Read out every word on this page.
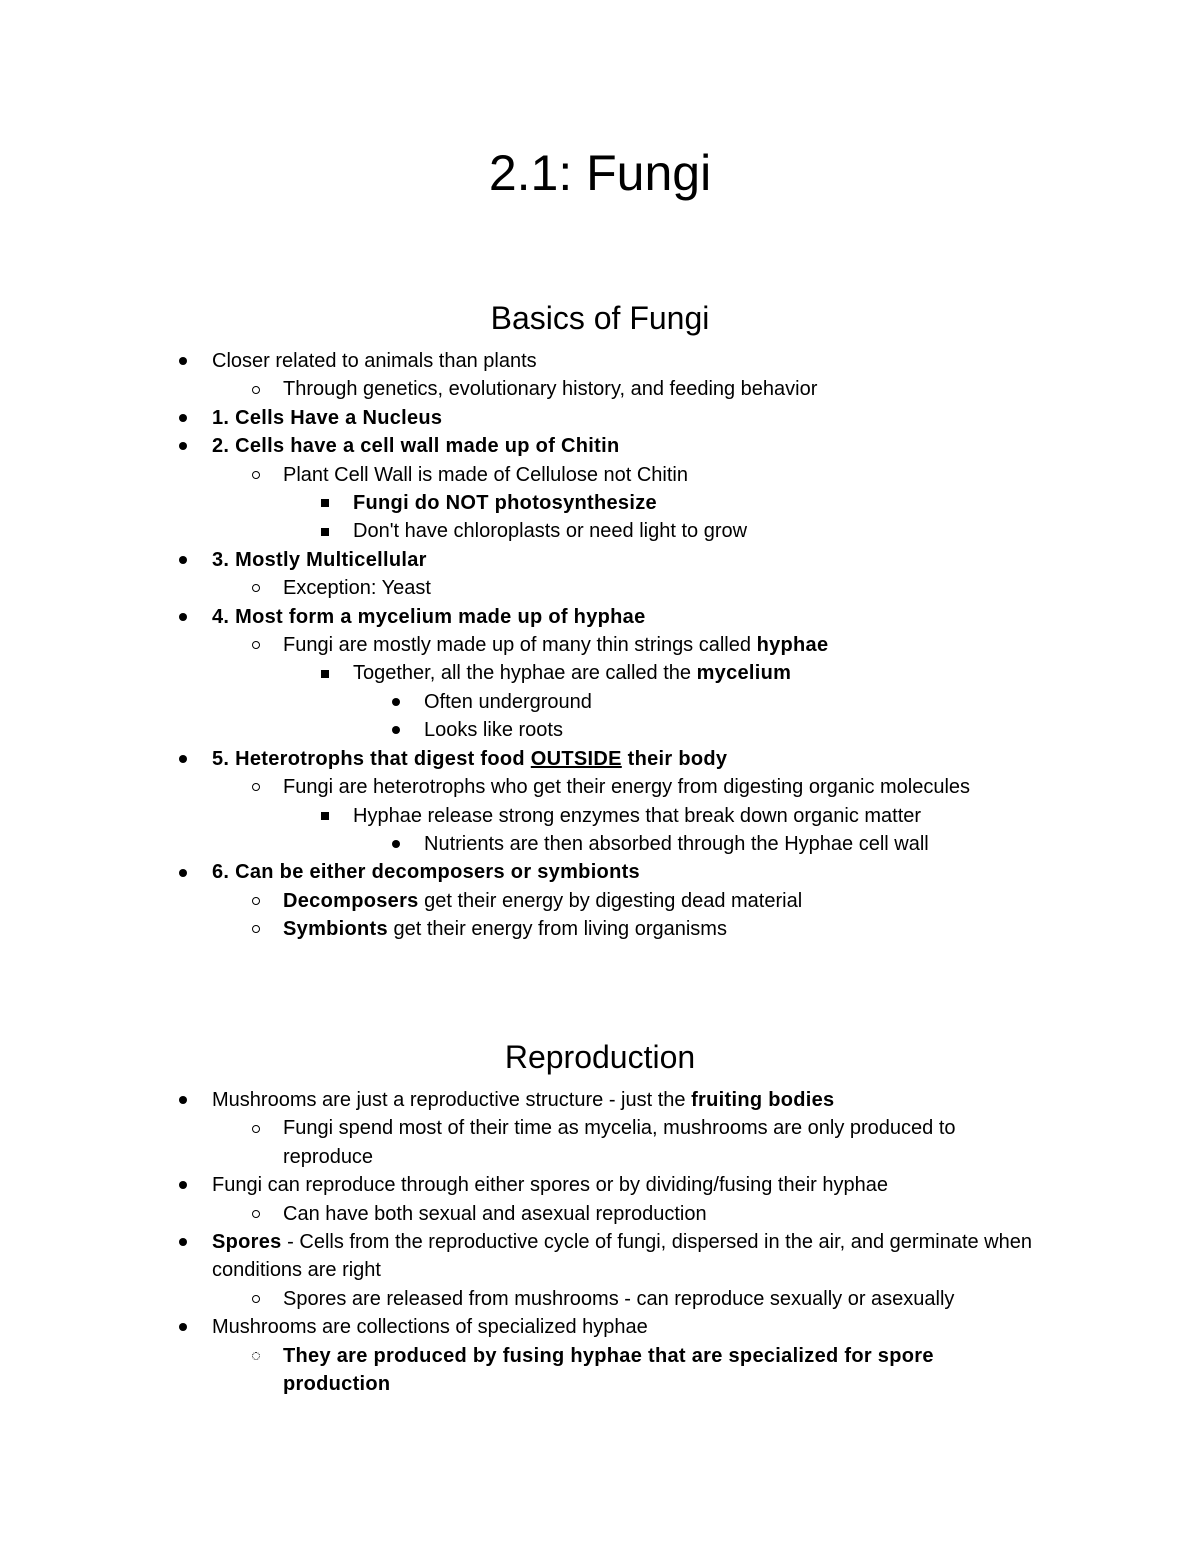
2.1: Fungi
Basics of Fungi
Closer related to animals than plants
Through genetics, evolutionary history, and feeding behavior
1. Cells Have a Nucleus
2. Cells have a cell wall made up of Chitin
Plant Cell Wall is made of Cellulose not Chitin
Fungi do NOT photosynthesize
Don't have chloroplasts or need light to grow
3. Mostly Multicellular
Exception: Yeast
4. Most form a mycelium made up of hyphae
Fungi are mostly made up of many thin strings called hyphae
Together, all the hyphae are called the mycelium
Often underground
Looks like roots
5. Heterotrophs that digest food OUTSIDE their body
Fungi are heterotrophs who get their energy from digesting organic molecules
Hyphae release strong enzymes that break down organic matter
Nutrients are then absorbed through the Hyphae cell wall
6. Can be either decomposers or symbionts
Decomposers get their energy by digesting dead material
Symbionts get their energy from living organisms
Reproduction
Mushrooms are just a reproductive structure - just the fruiting bodies
Fungi spend most of their time as mycelia, mushrooms are only produced to reproduce
Fungi can reproduce through either spores or by dividing/fusing their hyphae
Can have both sexual and asexual reproduction
Spores - Cells from the reproductive cycle of fungi, dispersed in the air, and germinate when conditions are right
Spores are released from mushrooms - can reproduce sexually or asexually
Mushrooms are collections of specialized hyphae
They are produced by fusing hyphae that are specialized for spore production
